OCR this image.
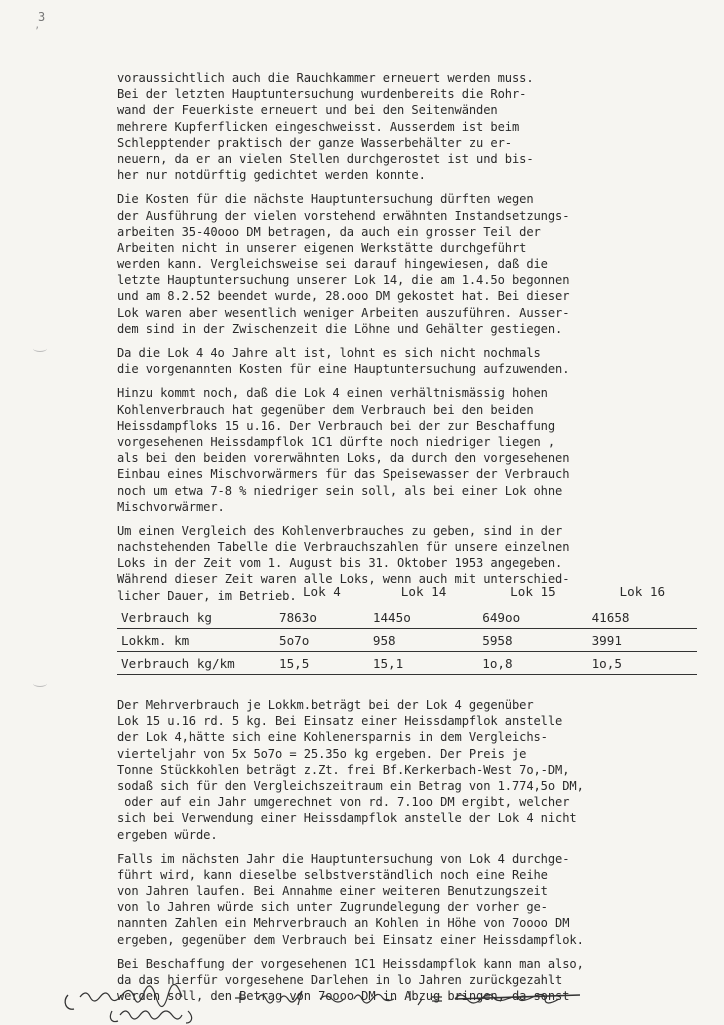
3
’
voraussichtlich auch die Rauchkammer erneuert werden muss.
Bei der letzten Hauptuntersuchung wurdenbereits die Rohr-
wand der Feuerkiste erneuert und bei den Seitenwänden
mehrere Kupferflicken eingeschweisst. Ausserdem ist beim
Schlepptender praktisch der ganze Wasserbehälter zu er-
neuern, da er an vielen Stellen durchgerostet ist und bis-
her nur notdürftig gedichtet werden konnte.
Die Kosten für die nächste Hauptuntersuchung dürften wegen
der Ausführung der vielen vorstehend erwähnten Instandsetzungs-
arbeiten 35-40ooo DM betragen, da auch ein grosser Teil der
Arbeiten nicht in unserer eigenen Werkstätte durchgeführt
werden kann. Vergleichsweise sei darauf hingewiesen, daß die
letzte Hauptuntersuchung unserer Lok 14, die am 1.4.5o begonnen
und am 8.2.52 beendet wurde, 28.ooo DM gekostet hat. Bei dieser
Lok waren aber wesentlich weniger Arbeiten auszuführen. Ausser-
dem sind in der Zwischenzeit die Löhne und Gehälter gestiegen.
Da die Lok 4 4o Jahre alt ist, lohnt es sich nicht nochmals
die vorgenannten Kosten für eine Hauptuntersuchung aufzuwenden.
Hinzu kommt noch, daß die Lok 4 einen verhältnismässig hohen
Kohlenverbrauch hat gegenüber dem Verbrauch bei den beiden
Heissdampfloks 15 u.16. Der Verbrauch bei der zur Beschaffung
vorgesehenen Heissdampflok 1C1 dürfte noch niedriger liegen ,
als bei den beiden vorerwähnten Loks, da durch den vorgesehenen
Einbau eines Mischvorwärmers für das Speisewasser der Verbrauch
noch um etwa 7-8 % niedriger sein soll, als bei einer Lok ohne
Mischvorwärmer.
Um einen Vergleich des Kohlenverbrauches zu geben, sind in der
nachstehenden Tabelle die Verbrauchszahlen für unsere einzelnen
Loks in der Zeit vom 1. August bis 31. Oktober 1953 angegeben.
Während dieser Zeit waren alle Loks, wenn auch mit unterschied-
licher Dauer, im Betrieb.
	Lok 4	Lok 14	Lok 15	Lok 16
Verbrauch kg	7863o	1445o	649oo	41658
Lokkm. km	5o7o	958	5958	3991
Verbrauch kg/km	15,5	15,1	1o,8	1o,5
Der Mehrverbrauch je Lokkm.beträgt bei der Lok 4 gegenüber
Lok 15 u.16 rd. 5 kg. Bei Einsatz einer Heissdampflok anstelle
der Lok 4,hätte sich eine Kohlenersparnis in dem Vergleichs-
vierteljahr von 5x 5o7o = 25.35o kg ergeben. Der Preis je
Tonne Stückkohlen beträgt z.Zt. frei Bf.Kerkerbach-West 7o,-DM,
sodaß sich für den Vergleichszeitraum ein Betrag von 1.774,5o DM,
oder auf ein Jahr umgerechnet von rd. 7.1oo DM ergibt, welcher
sich bei Verwendung einer Heissdampflok anstelle der Lok 4 nicht
ergeben würde.
Falls im nächsten Jahr die Hauptuntersuchung von Lok 4 durchge-
führt wird, kann dieselbe selbstverständlich noch eine Reihe
von Jahren laufen. Bei Annahme einer weiteren Benutzungszeit
von lo Jahren würde sich unter Zugrundelegung der vorher ge-
nannten Zahlen ein Mehrverbrauch an Kohlen in Höhe von 7oooo DM
ergeben, gegenüber dem Verbrauch bei Einsatz einer Heissdampflok.
Bei Beschaffung der vorgesehenen 1C1 Heissdampflok kann man also,
da das hierfür vorgesehene Darlehen in lo Jahren zurückgezahlt
werden soll, den Betrag von 7oooo DM in Abzug bringen, da sonst
